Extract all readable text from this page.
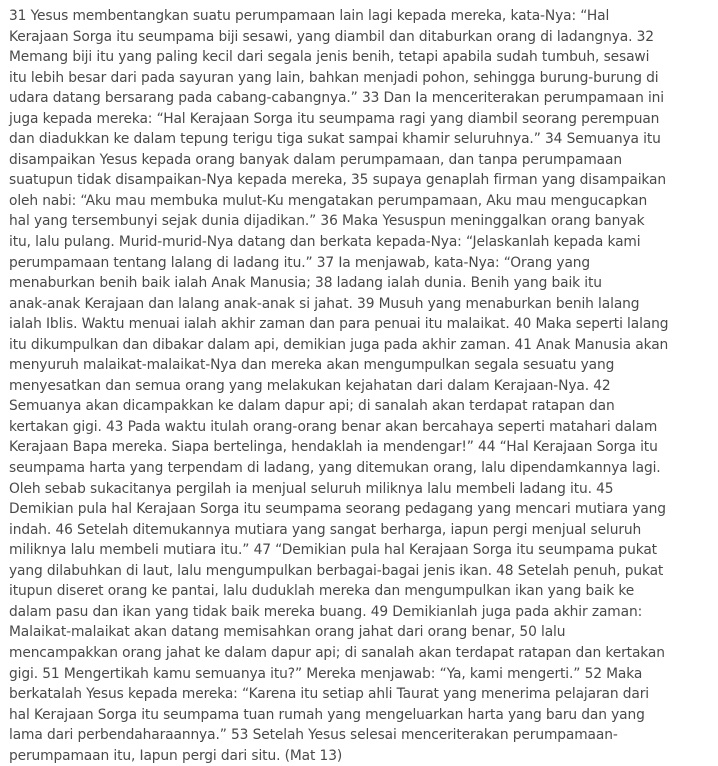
31 Yesus membentangkan suatu perumpamaan lain lagi kepada mereka, kata-Nya: “Hal
Kerajaan Sorga itu seumpama biji sesawi, yang diambil dan ditaburkan orang di ladangnya. 32
Memang biji itu yang paling kecil dari segala jenis benih, tetapi apabila sudah tumbuh, sesawi
itu lebih besar dari pada sayuran yang lain, bahkan menjadi pohon, sehingga burung-burung di
udara datang bersarang pada cabang-cabangnya.” 33 Dan Ia menceriterakan perumpamaan ini
juga kepada mereka: “Hal Kerajaan Sorga itu seumpama ragi yang diambil seorang perempuan
dan diadukkan ke dalam tepung terigu tiga sukat sampai khamir seluruhnya.” 34 Semuanya itu
disampaikan Yesus kepada orang banyak dalam perumpamaan, dan tanpa perumpamaan
suatupun tidak disampaikan-Nya kepada mereka, 35 supaya genaplah firman yang disampaikan
oleh nabi: “Aku mau membuka mulut-Ku mengatakan perumpamaan, Aku mau mengucapkan
hal yang tersembunyi sejak dunia dijadikan.” 36 Maka Yesuspun meninggalkan orang banyak
itu, lalu pulang. Murid-murid-Nya datang dan berkata kepada-Nya: “Jelaskanlah kepada kami
perumpamaan tentang lalang di ladang itu.” 37 Ia menjawab, kata-Nya: “Orang yang
menaburkan benih baik ialah Anak Manusia; 38 ladang ialah dunia. Benih yang baik itu
anak-anak Kerajaan dan lalang anak-anak si jahat. 39 Musuh yang menaburkan benih lalang
ialah Iblis. Waktu menuai ialah akhir zaman dan para penuai itu malaikat. 40 Maka seperti lalang
itu dikumpulkan dan dibakar dalam api, demikian juga pada akhir zaman. 41 Anak Manusia akan
menyuruh malaikat-malaikat-Nya dan mereka akan mengumpulkan segala sesuatu yang
menyesatkan dan semua orang yang melakukan kejahatan dari dalam Kerajaan-Nya. 42
Semuanya akan dicampakkan ke dalam dapur api; di sanalah akan terdapat ratapan dan
kertakan gigi. 43 Pada waktu itulah orang-orang benar akan bercahaya seperti matahari dalam
Kerajaan Bapa mereka. Siapa bertelinga, hendaklah ia mendengar!” 44 “Hal Kerajaan Sorga itu
seumpama harta yang terpendam di ladang, yang ditemukan orang, lalu dipendamkannya lagi.
Oleh sebab sukacitanya pergilah ia menjual seluruh miliknya lalu membeli ladang itu. 45
Demikian pula hal Kerajaan Sorga itu seumpama seorang pedagang yang mencari mutiara yang
indah. 46 Setelah ditemukannya mutiara yang sangat berharga, iapun pergi menjual seluruh
miliknya lalu membeli mutiara itu.” 47 “Demikian pula hal Kerajaan Sorga itu seumpama pukat
yang dilabuhkan di laut, lalu mengumpulkan berbagai-bagai jenis ikan. 48 Setelah penuh, pukat
itupun diseret orang ke pantai, lalu duduklah mereka dan mengumpulkan ikan yang baik ke
dalam pasu dan ikan yang tidak baik mereka buang. 49 Demikianlah juga pada akhir zaman:
Malaikat-malaikat akan datang memisahkan orang jahat dari orang benar, 50 lalu
mencampakkan orang jahat ke dalam dapur api; di sanalah akan terdapat ratapan dan kertakan
gigi. 51 Mengertikah kamu semuanya itu?” Mereka menjawab: “Ya, kami mengerti.” 52 Maka
berkatalah Yesus kepada mereka: “Karena itu setiap ahli Taurat yang menerima pelajaran dari
hal Kerajaan Sorga itu seumpama tuan rumah yang mengeluarkan harta yang baru dan yang
lama dari perbendaharaannya.” 53 Setelah Yesus selesai menceriterakan perumpamaan-
perumpamaan itu, Iapun pergi dari situ. (Mat 13)
